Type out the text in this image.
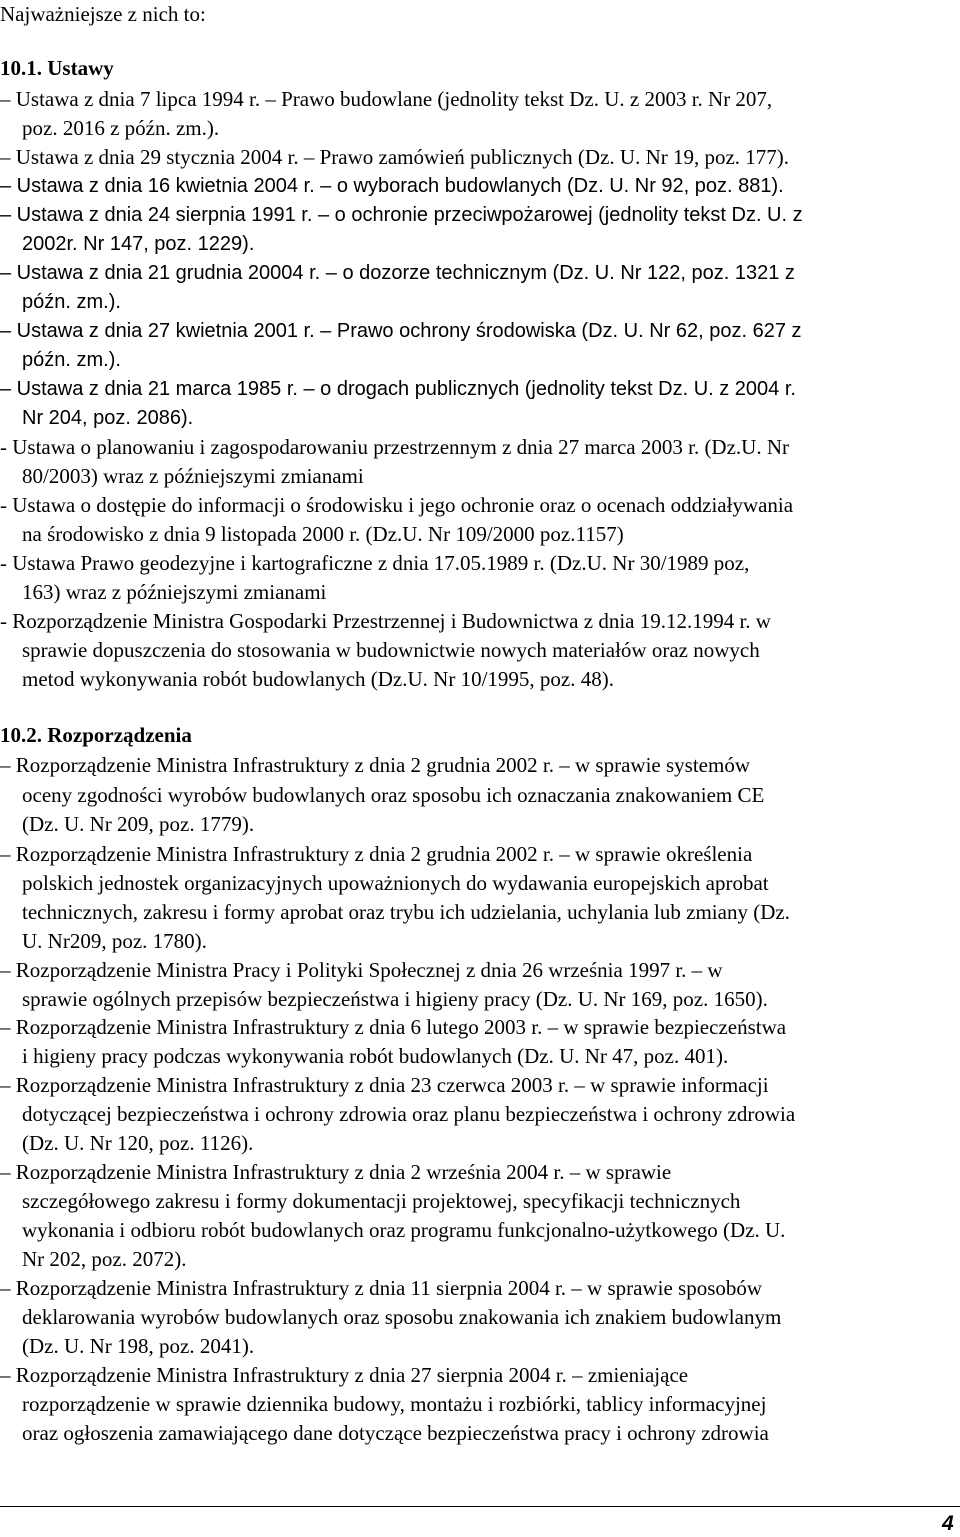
Najważniejsze z nich to:
10.1. Ustawy
– Ustawa z dnia 7 lipca 1994 r. – Prawo budowlane (jednolity tekst Dz. U. z 2003 r. Nr 207,
poz. 2016 z późn. zm.).
– Ustawa z dnia 29 stycznia 2004 r. – Prawo zamówień publicznych (Dz. U. Nr 19, poz. 177).
– Ustawa z dnia 16 kwietnia 2004 r. – o wyborach budowlanych (Dz. U. Nr 92, poz. 881).
– Ustawa z dnia 24 sierpnia 1991 r. – o ochronie przeciwpożarowej (jednolity tekst Dz. U. z
2002r. Nr 147, poz. 1229).
– Ustawa z dnia 21 grudnia 20004 r. – o dozorze technicznym (Dz. U. Nr 122, poz. 1321 z
późn. zm.).
– Ustawa z dnia 27 kwietnia 2001 r. – Prawo ochrony środowiska (Dz. U. Nr 62, poz. 627 z
późn. zm.).
– Ustawa z dnia 21 marca 1985 r. – o drogach publicznych (jednolity tekst Dz. U. z 2004 r.
Nr 204, poz. 2086).
- Ustawa o planowaniu i zagospodarowaniu przestrzennym z dnia 27 marca 2003 r. (Dz.U. Nr
80/2003) wraz z późniejszymi zmianami
- Ustawa o dostępie do informacji o środowisku i jego ochronie oraz o ocenach oddziaływania
na środowisko z dnia 9 listopada 2000 r. (Dz.U. Nr 109/2000 poz.1157)
- Ustawa Prawo geodezyjne i kartograficzne z dnia 17.05.1989 r. (Dz.U. Nr 30/1989 poz,
163) wraz z późniejszymi zmianami
- Rozporządzenie Ministra Gospodarki Przestrzennej i Budownictwa z dnia 19.12.1994 r. w
sprawie dopuszczenia do stosowania w budownictwie nowych materiałów oraz nowych
metod wykonywania robót budowlanych (Dz.U. Nr 10/1995, poz. 48).
10.2. Rozporządzenia
– Rozporządzenie Ministra Infrastruktury z dnia 2 grudnia 2002 r. – w sprawie systemów
oceny zgodności wyrobów budowlanych oraz sposobu ich oznaczania znakowaniem CE
(Dz. U. Nr 209, poz. 1779).
– Rozporządzenie Ministra Infrastruktury z dnia 2 grudnia 2002 r. – w sprawie określenia
polskich jednostek organizacyjnych upoważnionych do wydawania europejskich aprobat
technicznych, zakresu i formy aprobat oraz trybu ich udzielania, uchylania lub zmiany (Dz.
U. Nr209, poz. 1780).
– Rozporządzenie Ministra Pracy i Polityki Społecznej z dnia 26 września 1997 r. – w
sprawie ogólnych przepisów bezpieczeństwa i higieny pracy (Dz. U. Nr 169, poz. 1650).
– Rozporządzenie Ministra Infrastruktury z dnia 6 lutego 2003 r. – w sprawie bezpieczeństwa
i higieny pracy podczas wykonywania robót budowlanych (Dz. U. Nr 47, poz. 401).
– Rozporządzenie Ministra Infrastruktury z dnia 23 czerwca 2003 r. – w sprawie informacji
dotyczącej bezpieczeństwa i ochrony zdrowia oraz planu bezpieczeństwa i ochrony zdrowia
(Dz. U. Nr 120, poz. 1126).
– Rozporządzenie Ministra Infrastruktury z dnia 2 września 2004 r. – w sprawie
szczegółowego zakresu i formy dokumentacji projektowej, specyfikacji technicznych
wykonania i odbioru robót budowlanych oraz programu funkcjonalno-użytkowego (Dz. U.
Nr 202, poz. 2072).
– Rozporządzenie Ministra Infrastruktury z dnia 11 sierpnia 2004 r. – w sprawie sposobów
deklarowania wyrobów budowlanych oraz sposobu znakowania ich znakiem budowlanym
(Dz. U. Nr 198, poz. 2041).
– Rozporządzenie Ministra Infrastruktury z dnia 27 sierpnia 2004 r. – zmieniające
rozporządzenie w sprawie dziennika budowy, montażu i rozbiórki, tablicy informacyjnej
oraz ogłoszenia zamawiającego dane dotyczące bezpieczeństwa pracy i ochrony zdrowia
4
